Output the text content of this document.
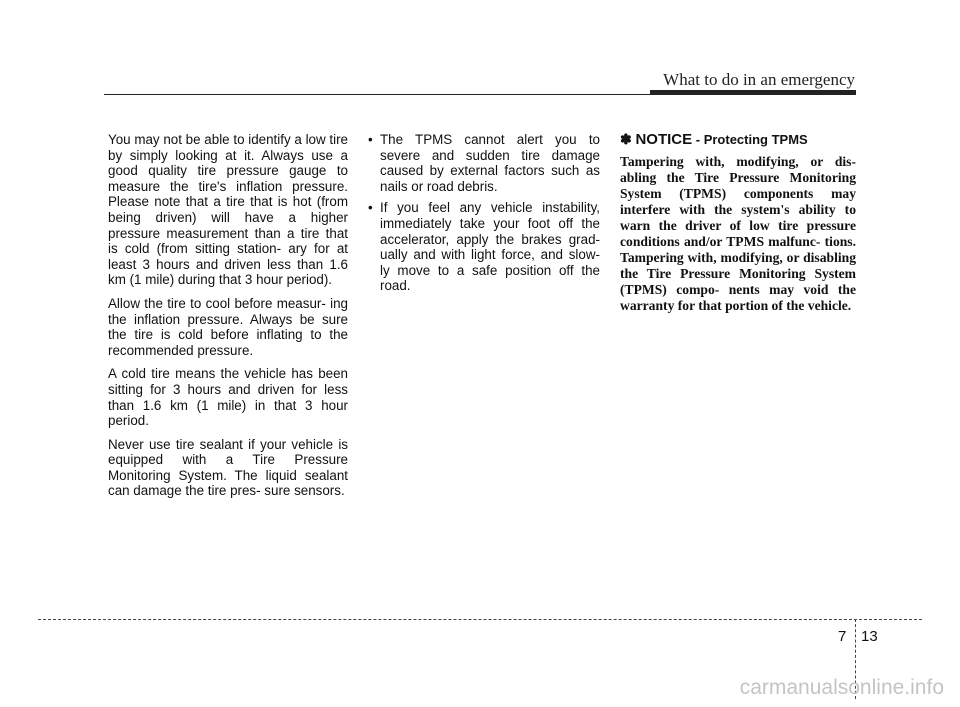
What to do in an emergency

You may not be able to identify a low tire by simply looking at it. Always use a good quality tire pressure gauge to measure the tire's inflation pressure. Please note that a tire that is hot (from being driven) will have a higher pressure measurement than a tire that is cold (from sitting station- ary for at least 3 hours and driven less than 1.6 km (1 mile) during that 3 hour period).

Allow the tire to cool before measur- ing the inflation pressure. Always be sure the tire is cold before inflating to the recommended pressure.

A cold tire means the vehicle has been sitting for 3 hours and driven for less than 1.6 km (1 mile) in that 3 hour period.

Never use tire sealant if your vehicle is equipped with a Tire Pressure Monitoring System. The liquid sealant can damage the tire pres- sure sensors.

• The TPMS cannot alert you to severe and sudden tire damage caused by external factors such as nails or road debris.
• If you feel any vehicle instability, immediately take your foot off the accelerator, apply the brakes grad- ually and with light force, and slow- ly move to a safe position off the road.
✽ NOTICE - Protecting TPMS

Tampering with, modifying, or dis- abling the Tire Pressure Monitoring System (TPMS) components may interfere with the system's ability to warn the driver of low tire pressure conditions and/or TPMS malfunc- tions. Tampering with, modifying, or disabling the Tire Pressure Monitoring System (TPMS) compo- nents may void the warranty for that portion of the vehicle.

7 13
carmanualsonline.info
